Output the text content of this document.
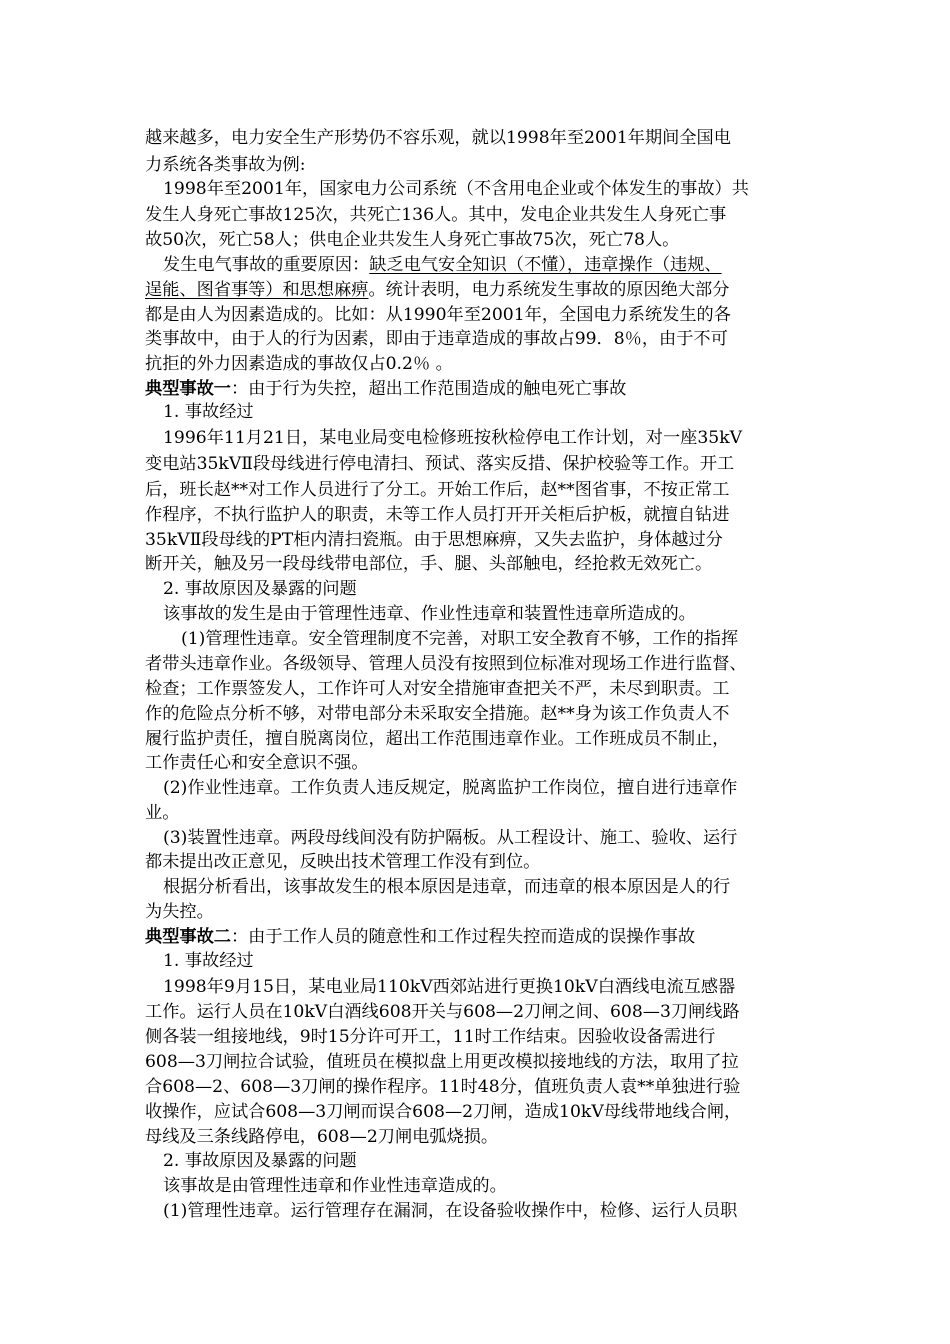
越来越多，电力安全生产形势仍不容乐观，就以1998年至2001年期间全国电
力系统各类事故为例:
1998年至2001年，国家电力公司系统（不含用电企业或个体发生的事故）共
发生人身死亡事故125次，共死亡136人。其中，发电企业共发生人身死亡事
故50次，死亡58人；供电企业共发生人身死亡事故75次，死亡78人。
发生电气事故的重要原因：缺乏电气安全知识（不懂），违章操作（违规、
逞能、图省事等）和思想麻痹。统计表明，电力系统发生事故的原因绝大部分
都是由人为因素造成的。比如：从1990年至2001年，全国电力系统发生的各
类事故中，由于人的行为因素，即由于违章造成的事故占99．8％，由于不可
抗拒的外力因素造成的事故仅占0.2％ 。
典型事故一：由于行为失控，超出工作范围造成的触电死亡事故
1. 事故经过
1996年11月21日，某电业局变电检修班按秋检停电工作计划，对一座35kV
变电站35kVⅡ段母线进行停电清扫、预试、落实反措、保护校验等工作。开工
后，班长赵**对工作人员进行了分工。开始工作后，赵**图省事，不按正常工
作程序，不执行监护人的职责，未等工作人员打开开关柜后护板，就擅自钻进
35kVⅡ段母线的PT柜内清扫瓷瓶。由于思想麻痹，又失去监护，身体越过分
断开关，触及另一段母线带电部位，手、腿、头部触电，经抢救无效死亡。
2. 事故原因及暴露的问题
该事故的发生是由于管理性违章、作业性违章和装置性违章所造成的。
(1)管理性违章。安全管理制度不完善，对职工安全教育不够，工作的指挥
者带头违章作业。各级领导、管理人员没有按照到位标准对现场工作进行监督、
检查；工作票签发人，工作许可人对安全措施审查把关不严，未尽到职责。工
作的危险点分析不够，对带电部分未采取安全措施。赵**身为该工作负责人不
履行监护责任，擅自脱离岗位，超出工作范围违章作业。工作班成员不制止，
工作责任心和安全意识不强。
(2)作业性违章。工作负责人违反规定，脱离监护工作岗位，擅自进行违章作
业。
(3)装置性违章。两段母线间没有防护隔板。从工程设计、施工、验收、运行
都未提出改正意见，反映出技术管理工作没有到位。
根据分析看出，该事故发生的根本原因是违章，而违章的根本原因是人的行
为失控。
典型事故二：由于工作人员的随意性和工作过程失控而造成的误操作事故
1. 事故经过
1998年9月15日，某电业局110kV西郊站进行更换10kV白酒线电流互感器
工作。运行人员在10kV白酒线608开关与608—2刀闸之间、608—3刀闸线路
侧各装一组接地线，9时15分许可开工，11时工作结束。因验收设备需进行
608—3刀闸拉合试验，值班员在模拟盘上用更改模拟接地线的方法，取用了拉
合608—2、608—3刀闸的操作程序。11时48分，值班负责人袁**单独进行验
收操作，应试合608—3刀闸而误合608—2刀闸，造成10kV母线带地线合闸，
母线及三条线路停电，608—2刀闸电弧烧损。
2. 事故原因及暴露的问题
该事故是由管理性违章和作业性违章造成的。
(1)管理性违章。运行管理存在漏洞，在设备验收操作中，检修、运行人员职
